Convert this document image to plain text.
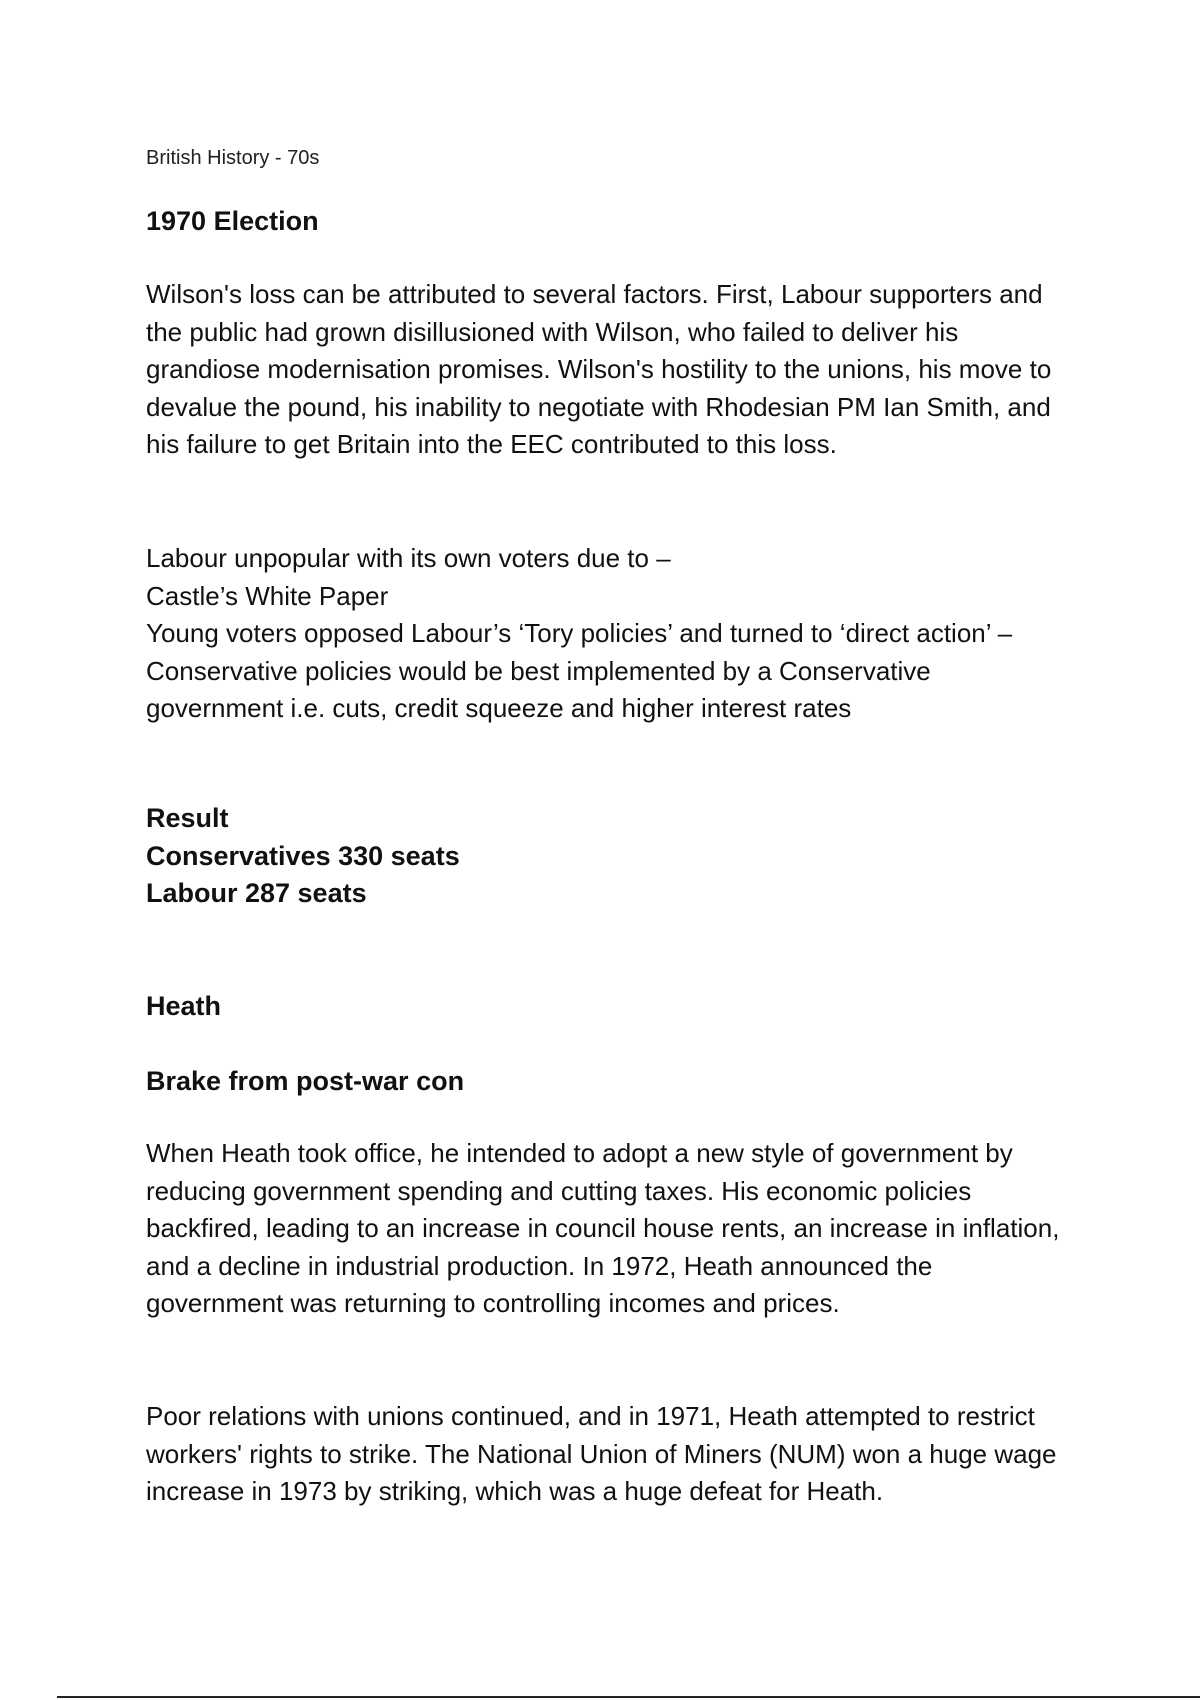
British History - 70s
1970 Election

Wilson's loss can be attributed to several factors. First, Labour supporters and the public had grown disillusioned with Wilson, who failed to deliver his grandiose modernisation promises. Wilson's hostility to the unions, his move to devalue the pound, his inability to negotiate with Rhodesian PM Ian Smith, and his failure to get Britain into the EEC contributed to this loss.

Labour unpopular with its own voters due to –

Castle’s White Paper

Young voters opposed Labour’s ‘Tory policies’ and turned to ‘direct action’ –

Conservative policies would be best implemented by a Conservative government i.e. cuts, credit squeeze and higher interest rates

Result
Conservatives 330 seats
Labour 287 seats
Heath
Brake from post-war con

When Heath took office, he intended to adopt a new style of government by reducing government spending and cutting taxes. His economic policies backfired, leading to an increase in council house rents, an increase in inflation, and a decline in industrial production. In 1972, Heath announced the government was returning to controlling incomes and prices.

Poor relations with unions continued, and in 1971, Heath attempted to restrict workers' rights to strike. The National Union of Miners (NUM) won a huge wage increase in 1973 by striking, which was a huge defeat for Heath.
